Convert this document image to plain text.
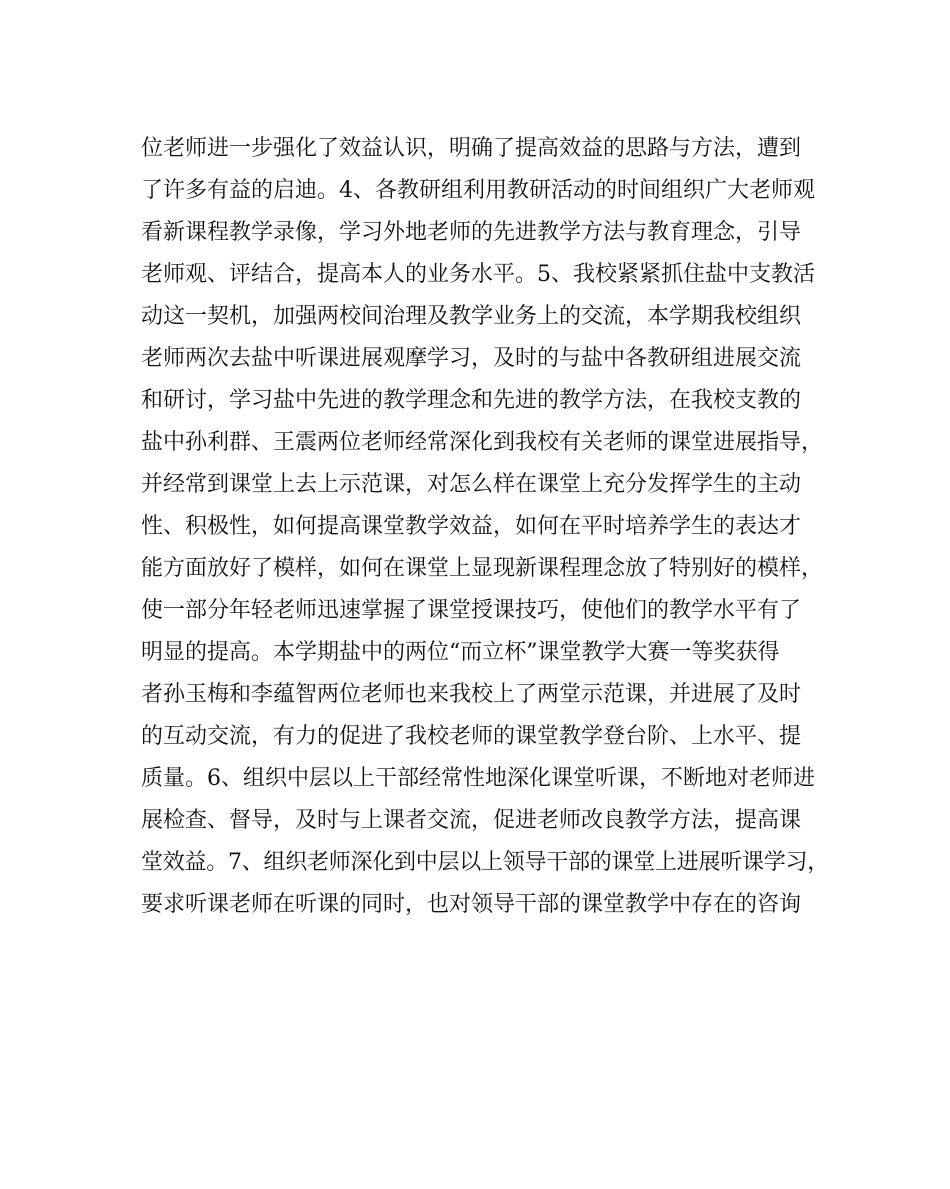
位老师进一步强化了效益认识，明确了提高效益的思路与方法，遭到
了许多有益的启迪。4、各教研组利用教研活动的时间组织广大老师观
看新课程教学录像，学习外地老师的先进教学方法与教育理念，引导
老师观、评结合，提高本人的业务水平。5、我校紧紧抓住盐中支教活
动这一契机，加强两校间治理及教学业务上的交流，本学期我校组织
老师两次去盐中听课进展观摩学习，及时的与盐中各教研组进展交流
和研讨，学习盐中先进的教学理念和先进的教学方法，在我校支教的
盐中孙利群、王震两位老师经常深化到我校有关老师的课堂进展指导，
并经常到课堂上去上示范课，对怎么样在课堂上充分发挥学生的主动
性、积极性，如何提高课堂教学效益，如何在平时培养学生的表达才
能方面放好了模样，如何在课堂上显现新课程理念放了特别好的模样，
使一部分年轻老师迅速掌握了课堂授课技巧，使他们的教学水平有了
明显的提高。本学期盐中的两位“而立杯”课堂教学大赛一等奖获得
者孙玉梅和李蕴智两位老师也来我校上了两堂示范课，并进展了及时
的互动交流，有力的促进了我校老师的课堂教学登台阶、上水平、提
质量。6、组织中层以上干部经常性地深化课堂听课，不断地对老师进
展检查、督导，及时与上课者交流，促进老师改良教学方法，提高课
堂效益。7、组织老师深化到中层以上领导干部的课堂上进展听课学习，
要求听课老师在听课的同时，也对领导干部的课堂教学中存在的咨询
